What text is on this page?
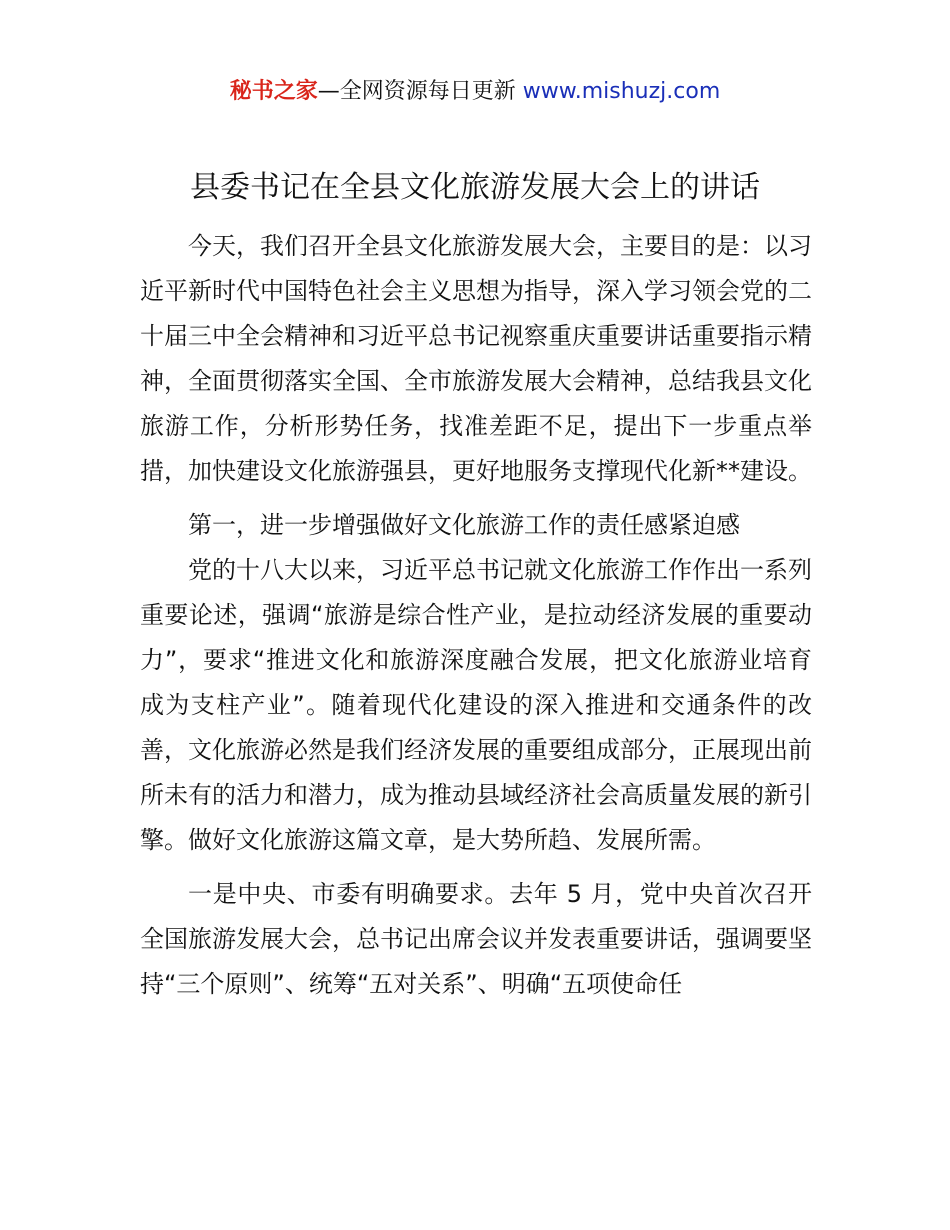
秘书之家—全网资源每日更新 www.mishuzj.com
县委书记在全县文化旅游发展大会上的讲话

今天，我们召开全县文化旅游发展大会，主要目的是：以习近平新时代中国特色社会主义思想为指导，深入学习领会党的二十届三中全会精神和习近平总书记视察重庆重要讲话重要指示精神，全面贯彻落实全国、全市旅游发展大会精神，总结我县文化旅游工作，分析形势任务，找准差距不足，提出下一步重点举措，加快建设文化旅游强县，更好地服务支撑现代化新**建设。

第一，进一步增强做好文化旅游工作的责任感紧迫感

党的十八大以来，习近平总书记就文化旅游工作作出一系列重要论述，强调“旅游是综合性产业，是拉动经济发展的重要动力”，要求“推进文化和旅游深度融合发展，把文化旅游业培育成为支柱产业”。随着现代化建设的深入推进和交通条件的改善，文化旅游必然是我们经济发展的重要组成部分，正展现出前所未有的活力和潜力，成为推动县域经济社会高质量发展的新引擎。做好文化旅游这篇文章，是大势所趋、发展所需。

一是中央、市委有明确要求。去年 5 月，党中央首次召开全国旅游发展大会，总书记出席会议并发表重要讲话，强调要坚持“三个原则”、统筹“五对关系”、明确“五项使命任
